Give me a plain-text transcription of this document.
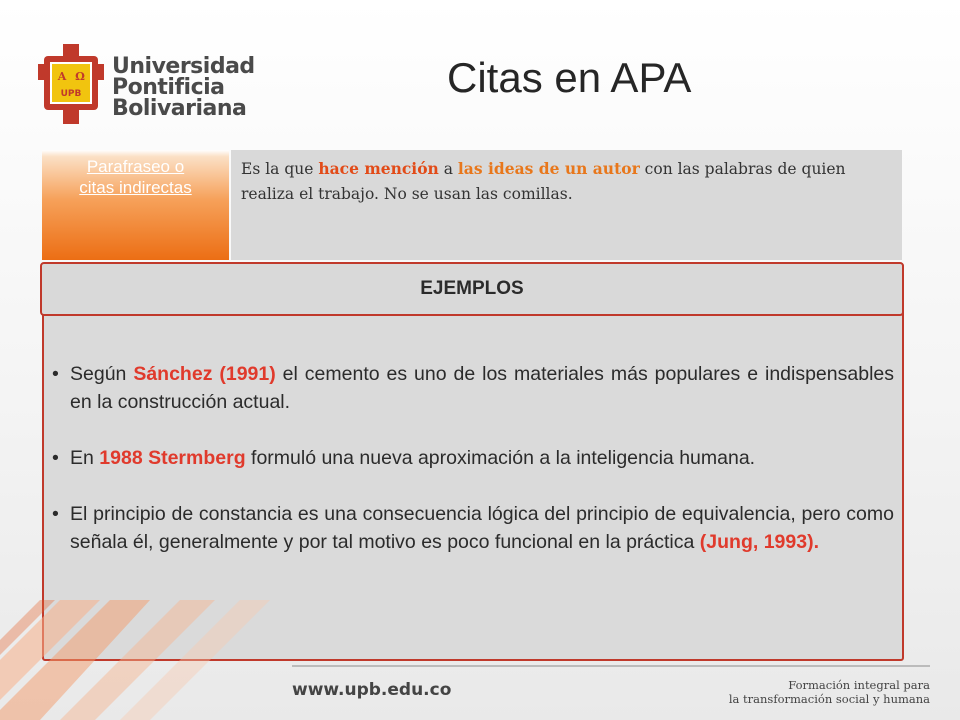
A Ω
UPB
Universidad
Pontificia
Bolivariana
Citas en APA
Parafraseo o
citas indirectas
Es la que hace mención a las ideas de un autor con las palabras de quien realiza el trabajo. No se usan las comillas.
EJEMPLOS
• Según Sánchez (1991) el cemento es uno de los materiales más populares e indispensables en la construcción actual.
• En 1988 Stermberg formuló una nueva aproximación a la inteligencia humana.
• El principio de constancia es una consecuencia lógica del principio de equivalencia, pero como señala él, generalmente y por tal motivo es poco funcional en la práctica (Jung, 1993).
www.upb.edu.co	Formación integral para
la transformación social y humana
